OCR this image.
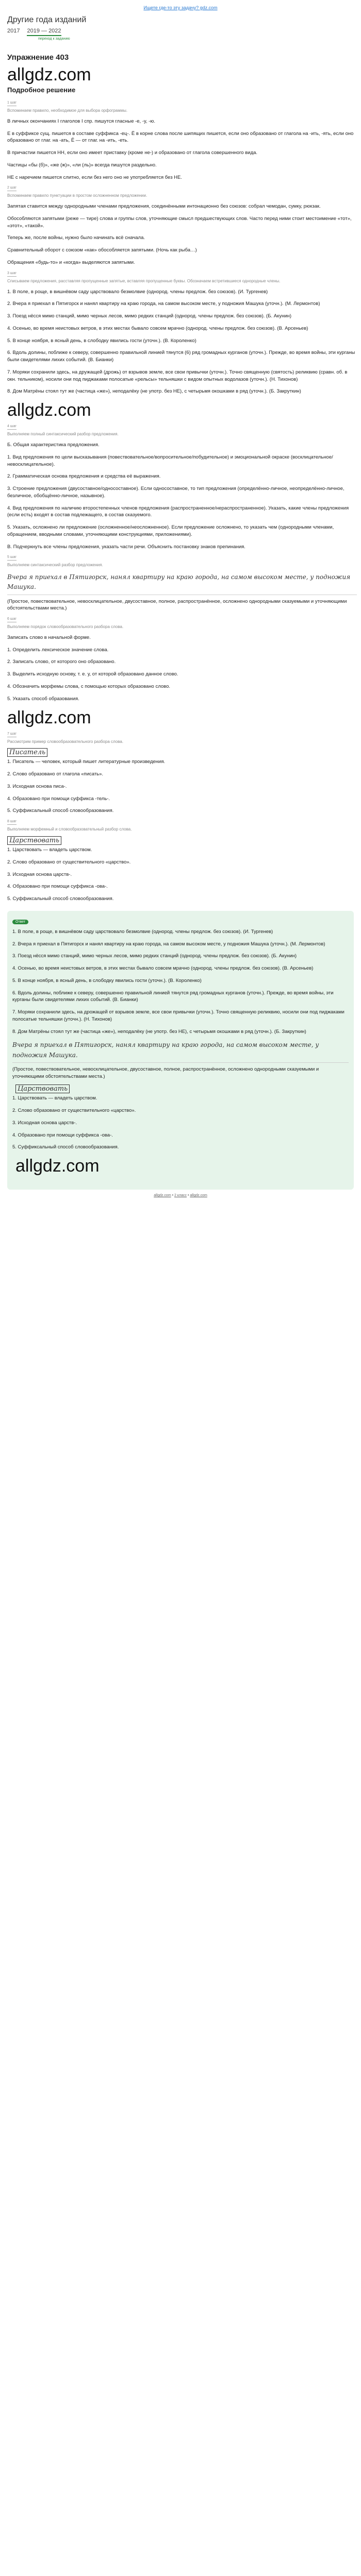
Ищете где-то эту задачу? gdz.com
Другие года изданий
2017 2019 — 2022
переход к заданию
Упражнение 403
allgdz.com
Подробное решение
1 шаг
Вспоминаем правило, необходимое для выбора орфограммы.
В личных окончаниях I глаголов I спр. пишутся гласные -е, -у, -ю.
Е в суффиксе сущ. пишется в составе суффикса -ец-. Ё в корне слова после шипящих пишется, если оно образовано от глагола на -ить, -ять, если оно образовано от глаг. на -ать, Ё — от глаг. на -ить, -еть.
В причастии пишется НН, если оно имеет приставку (кроме не-) и образовано от глагола совершенного вида.
Частицы «бы (б)», «же (ж)», «ли (ль)» всегда пишутся раздельно.
НЕ с наречием пишется слитно, если без него оно не употребляется без НЕ.
2 шаг
Вспоминаем правило пунктуации в простом осложненном предложении.
Запятая ставится между однородными членами предложения, соединёнными интонационно без союзов: собрал чемодан, сумку, рюкзак.
Обособляются запятыми (реже — тире) слова и группы слов, уточняющие смысл предшествующих слов. Часто перед ними стоит местоимение «тот», «этот», «такой».
Теперь же, после войны, нужно было начинать всё сначала.
Сравнительный оборот с союзом «как» обособляется запятыми. (Ночь как рыба…)
Обращения «будь-то» и «когда» выделяются запятыми.
3 шаг
Списываем предложения, расставляя пропущенные запятые, вставляя пропущенные буквы. Обозначаем встретившиеся однородные члены.
1. В поле, в роще, в вишнёвом саду царствовало безмолвие (однород. члены предлож. без союзов). (И. Тургенев)
2. Вчера я приехал в Пятигорск и нанял квартиру на краю города, на самом высоком месте, у подножия Машука (уточн.). (М. Лермонтов)
3. Поезд нёсся мимо станций, мимо черных лесов, мимо редких станций (однород. члены предлож. без союзов). (Б. Акунин)
4. Осенью, во время неистовых ветров, в этих местах бывало совсем мрачно (однород. члены предлож. без союзов). (В. Арсеньев)
5. В конце ноября, в ясный день, в слободку явились гости (уточн.). (В. Короленко)
6. Вдоль долины, поближе к северу, совершенно правильной линией тянутся (6) ряд громадных курганов (уточн.). Прежде, во время войны, эти курганы были свидетелями лихих событий. (В. Бианки)
7. Моряки сохранили здесь, на дружащей (дрожь) от взрывов земле, все свои привычки (уточн.). Точно священную (святость) реликвию (сравн. об. в окн. тельником), носили они под пиджаками полосатые «рельсы» тельняшки с видом опытных водолазов (уточн.). (Н. Тихонов)
8. Дом Матрёны стоял тут же (частица «же»), неподалёку (не употр. без НЕ), с четырьмя окошками в ряд (уточн.). (Б. Закруткин)
allgdz.com
4 шаг
Выполняем полный синтаксический разбор предложения.
Б. Общая характеристика предложения.
1. Вид предложения по цели высказывания (повествовательное/вопросительное/побудительное) и эмоциональной окраске (восклицательное/невосклицательное).
2. Грамматическая основа предложения и средства её выражения.
3. Строение предложения (двусоставное/односоставное). Если односоставное, то тип предложения (определённо-личное, неопределённо-личное, безличное, обобщённо-личное, назывное).
4. Вид предложения по наличию второстепенных членов предложения (распространенное/нераспространенное). Указать, какие члены предложения (если есть) входят в состав подлежащего, в состав сказуемого.
5. Указать, осложнено ли предложение (осложненное/неосложненное). Если предложение осложнено, то указать чем (однородными членами, обращением, вводными словами, уточняющими конструкциями, приложениями).
В. Подчеркнуть все члены предложения, указать части речи. Объяснить постановку знаков препинания.
5 шаг
Выполняем синтаксический разбор предложения.
Вчера я приехал в Пятигорск, нанял квартиру на краю города, на самом высоком месте, у подножия Машука.
(Простое, повествовательное, невосклицательное, двусоставное, полное, распространённое, осложнено однородными сказуемыми и уточняющими обстоятельствами места.)
6 шаг
Выполняем порядок словообразовательного разбора слова.
Записать слово в начальной форме.
1. Определить лексическое значение слова.
2. Записать слово, от которого оно образовано.
3. Выделить исходную основу, т. е. у, от которой образовано данное слово.
4. Обозначить морфемы слова, с помощью которых образовано слово.
5. Указать способ образования.
allgdz.com
7 шаг
Рассмотрим пример словообразовательного разбора слова.
Писатель
1. Писатель — человек, который пишет литературные произведения.
2. Слово образовано от глагола «писать».
3. Исходная основа писа-.
4. Образовано при помощи суффикса -тель-.
5. Суффиксальный способ словообразования.
8 шаг
Выполняем морфемный и словообразовательный разбор слова.
Царствовать
1. Царствовать — владеть царством.
2. Слово образовано от существительного «царство».
3. Исходная основа царств-.
4. Образовано при помощи суффикса -ова-.
5. Суффиксальный способ словообразования.
Ответ
1. В поле, в роще, в вишнёвом саду царствовало безмолвие (однород. члены предлож. без союзов). (И. Тургенев)
2. Вчера я приехал в Пятигорск и нанял квартиру на краю города, на самом высоком месте, у подножия Машука (уточн.). (М. Лермонтов)
3. Поезд нёсся мимо станций, мимо черных лесов, мимо редких станций (однород. члены предлож. без союзов). (Б. Акунин)
4. Осенью, во время неистовых ветров, в этих местах бывало совсем мрачно (однород. члены предлож. без союзов). (В. Арсеньев)
5. В конце ноября, в ясный день, в слободку явились гости (уточн.). (В. Короленко)
6. Вдоль долины, поближе к северу, совершенно правильной линией тянутся ряд громадных курганов (уточн.). Прежде, во время войны, эти курганы были свидетелями лихих событий. (В. Бианки)
7. Моряки сохранили здесь, на дрожащей от взрывов земле, все свои привычки (уточн.). Точно священную реликвию, носили они под пиджаками полосатые тельняшки (уточн.). (Н. Тихонов)
8. Дом Матрёны стоял тут же (частица «же»), неподалёку (не употр. без НЕ), с четырьмя окошками в ряд (уточн.). (Б. Закруткин)
Вчера я приехал в Пятигорск, нанял квартиру на краю города, на самом высоком месте, у подножия Машука.
(Простое, повествовательное, невосклицательное, двусоставное, полное, распространённое, осложнено однородными сказуемыми и уточняющими обстоятельствами места.)
Царствовать
1. Царствовать — владеть царством.
2. Слово образовано от существительного «царство».
3. Исходная основа царств-.
4. Образовано при помощи суффикса -ова-.
5. Суффиксальный способ словообразования.
allgdz.com
allgdz.com • 2 класс • allgdz.com
